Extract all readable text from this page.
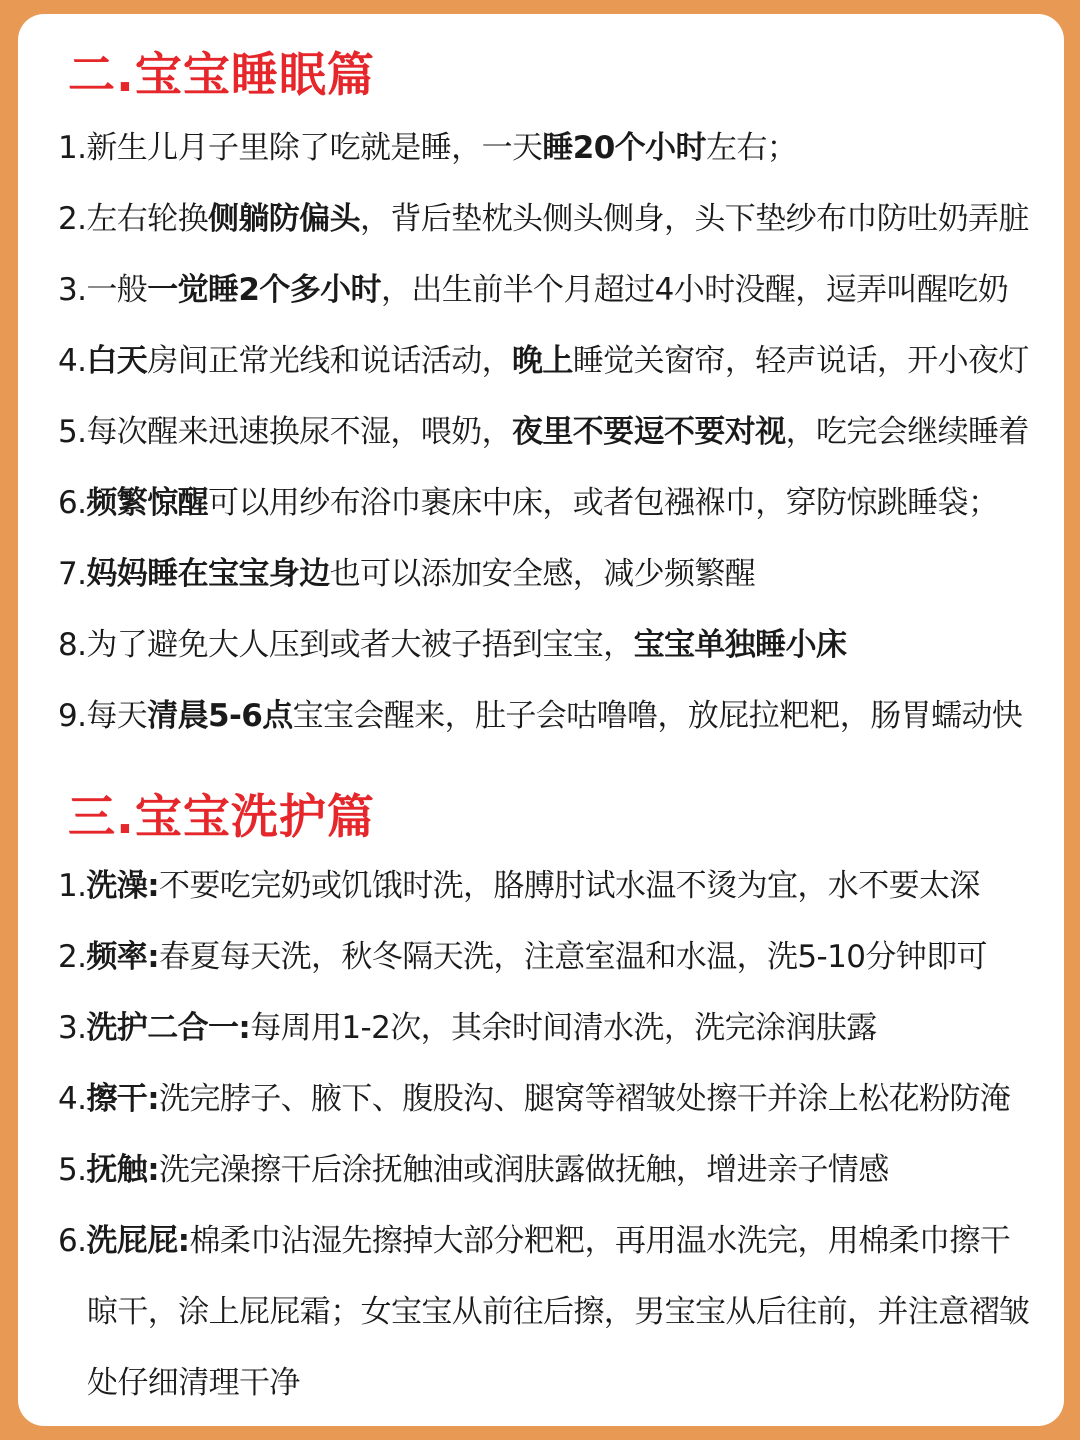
二.宝宝睡眠篇
1.新生儿月子里除了吃就是睡，一天睡20个小时左右；
2.左右轮换侧躺防偏头，背后垫枕头侧头侧身，头下垫纱布巾防吐奶弄脏
3.一般一觉睡2个多小时，出生前半个月超过4小时没醒，逗弄叫醒吃奶
4.白天房间正常光线和说话活动，晚上睡觉关窗帘，轻声说话，开小夜灯
5.每次醒来迅速换尿不湿，喂奶，夜里不要逗不要对视，吃完会继续睡着
6.频繁惊醒可以用纱布浴巾裹床中床，或者包襁褓巾，穿防惊跳睡袋；
7.妈妈睡在宝宝身边也可以添加安全感，减少频繁醒
8.为了避免大人压到或者大被子捂到宝宝，宝宝单独睡小床
9.每天清晨5-6点宝宝会醒来，肚子会咕噜噜，放屁拉粑粑，肠胃蠕动快
三.宝宝洗护篇
1.洗澡:不要吃完奶或饥饿时洗，胳膊肘试水温不烫为宜，水不要太深
2.频率:春夏每天洗，秋冬隔天洗，注意室温和水温，洗5-10分钟即可
3.洗护二合一:每周用1-2次，其余时间清水洗，洗完涂润肤露
4.擦干:洗完脖子、腋下、腹股沟、腿窝等褶皱处擦干并涂上松花粉防淹
5.抚触:洗完澡擦干后涂抚触油或润肤露做抚触，增进亲子情感
6.洗屁屁:棉柔巾沾湿先擦掉大部分粑粑，再用温水洗完，用棉柔巾擦干
晾干，涂上屁屁霜；女宝宝从前往后擦，男宝宝从后往前，并注意褶皱
处仔细清理干净
